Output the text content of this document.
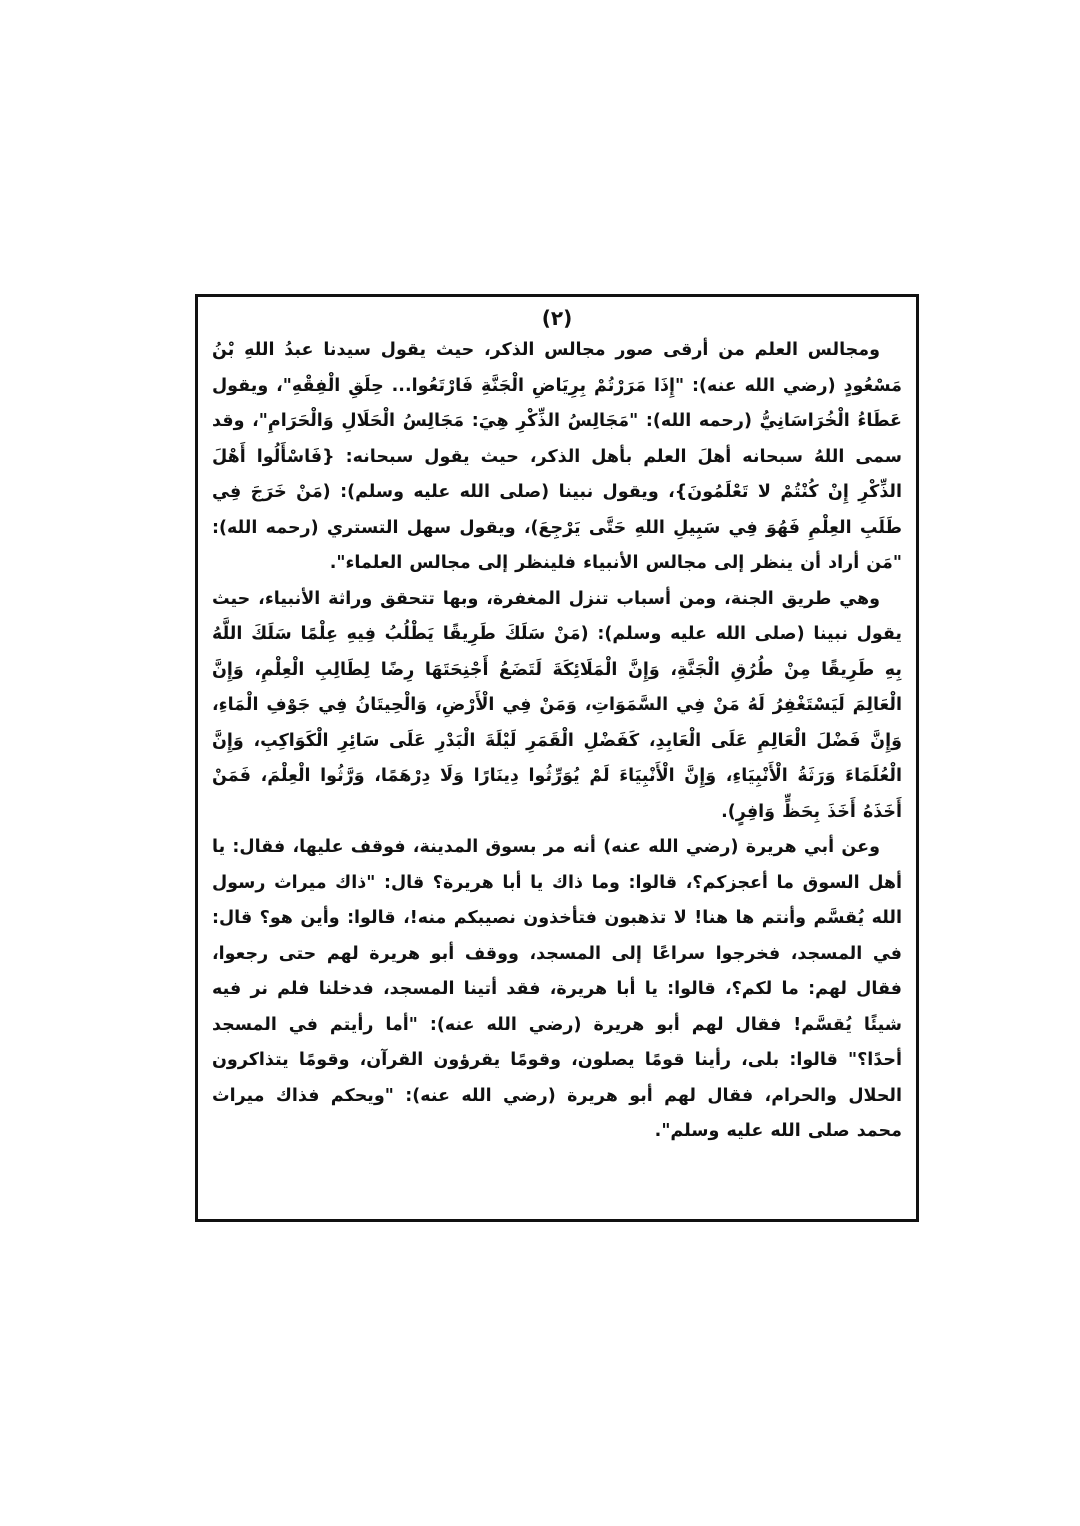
(٢)

ومجالس العلم من أرقى صور مجالس الذكر، حيث يقول سيدنا عبدُ اللهِ بْنُ مَسْعُودٍ (رضي الله عنه): "إِذَا مَرَرْتُمْ بِرِيَاضِ الْجَنَّةِ فَارْتَعُوا... حِلَقِ الْفِقْهِ"، ويقول عَطَاءُ الْخُرَاسَانِيُّ (رحمه الله): "مَجَالِسُ الذِّكْرِ هِيَ: مَجَالِسُ الْحَلَالِ وَالْحَرَامِ"، وقد سمى اللهُ سبحانه أهلَ العلم بأهل الذكر، حيث يقول سبحانه: {فَاسْأَلُوا أَهْلَ الذِّكْرِ إِنْ كُنْتُمْ لا تَعْلَمُونَ}، ويقول نبينا (صلى الله عليه وسلم): (مَنْ خَرَجَ فِي طَلَبِ العِلْمِ فَهُوَ فِي سَبِيلِ اللهِ حَتَّى يَرْجِعَ)، ويقول سهل التستري (رحمه الله): "مَن أراد أن ينظر إلى مجالس الأنبياء فلينظر إلى مجالس العلماء".

وهي طريق الجنة، ومن أسباب تنزل المغفرة، وبها تتحقق وراثة الأنبياء، حيث يقول نبينا (صلى الله عليه وسلم): (مَنْ سَلَكَ طَرِيقًا يَطْلُبُ فِيهِ عِلْمًا سَلَكَ اللَّهُ بِهِ طَرِيقًا مِنْ طُرُقِ الْجَنَّةِ، وَإِنَّ الْمَلَائِكَةَ لَتَضَعُ أَجْنِحَتَهَا رِضًا لِطَالِبِ الْعِلْمِ، وَإِنَّ الْعَالِمَ لَيَسْتَغْفِرُ لَهُ مَنْ فِي السَّمَوَاتِ، وَمَنْ فِي الْأَرْضِ، وَالْحِيتَانُ فِي جَوْفِ الْمَاءِ، وَإِنَّ فَضْلَ الْعَالِمِ عَلَى الْعَابِدِ، كَفَضْلِ الْقَمَرِ لَيْلَةَ الْبَدْرِ عَلَى سَائِرِ الْكَوَاكِبِ، وَإِنَّ الْعُلَمَاءَ وَرَثَةُ الْأَنْبِيَاءِ، وَإِنَّ الْأَنْبِيَاءَ لَمْ يُوَرِّثُوا دِينَارًا وَلَا دِرْهَمًا، وَرَّثُوا الْعِلْمَ، فَمَنْ أَخَذَهُ أَخَذَ بِحَظٍّ وَافِرٍ).

وعن أبي هريرة (رضي الله عنه) أنه مر بسوق المدينة، فوقف عليها، فقال: يا أهل السوق ما أعجزكم؟، قالوا: وما ذاك يا أبا هريرة؟ قال: "ذاك ميراث رسول الله يُقسَّم وأنتم ها هنا! لا تذهبون فتأخذون نصيبكم منه!، قالوا: وأين هو؟ قال: في المسجد، فخرجوا سراعًا إلى المسجد، ووقف أبو هريرة لهم حتى رجعوا، فقال لهم: ما لكم؟، قالوا: يا أبا هريرة، فقد أتينا المسجد، فدخلنا فلم نر فيه شيئًا يُقسَّم! فقال لهم أبو هريرة (رضي الله عنه): "أما رأيتم في المسجد أحدًا؟" قالوا: بلى، رأينا قومًا يصلون، وقومًا يقرؤون القرآن، وقومًا يتذاكرون الحلال والحرام، فقال لهم أبو هريرة (رضي الله عنه): "ويحكم فذاك ميراث محمد صلى الله عليه وسلم".
